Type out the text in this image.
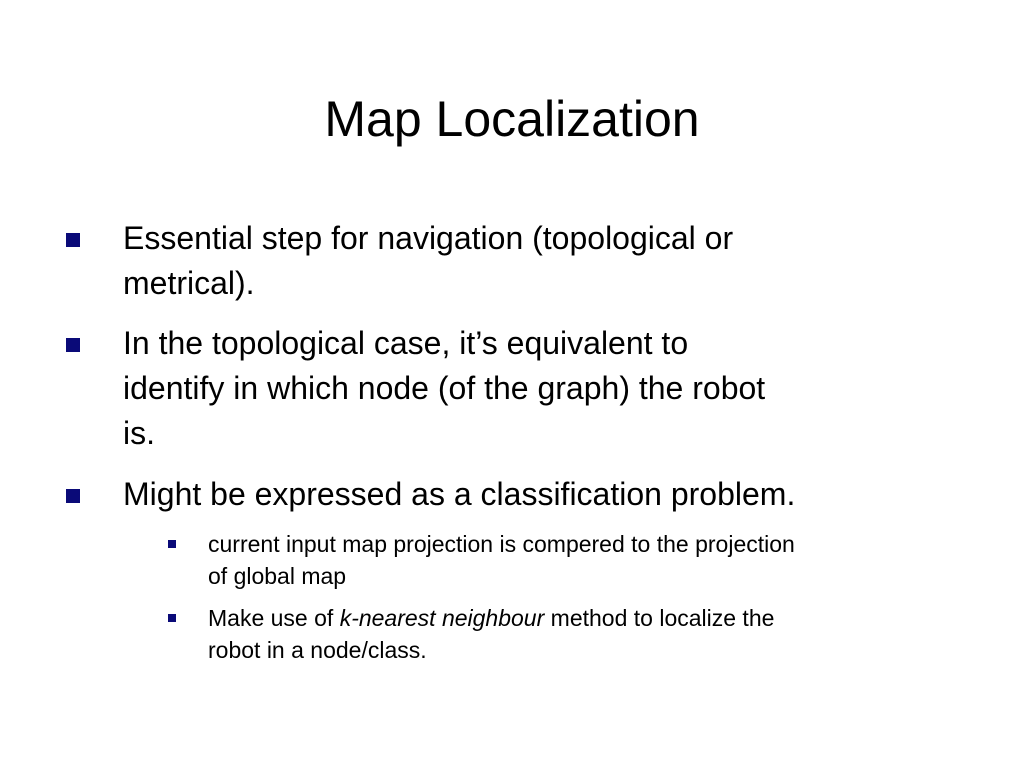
Map Localization
Essential step for navigation (topological or
metrical).
In the topological case, it’s equivalent to
identify in which node (of the graph) the robot
is.
Might be expressed as a classification problem.
current input map projection is compered to the projection
of global map
Make use of k-nearest neighbour method to localize the
robot in a node/class.
